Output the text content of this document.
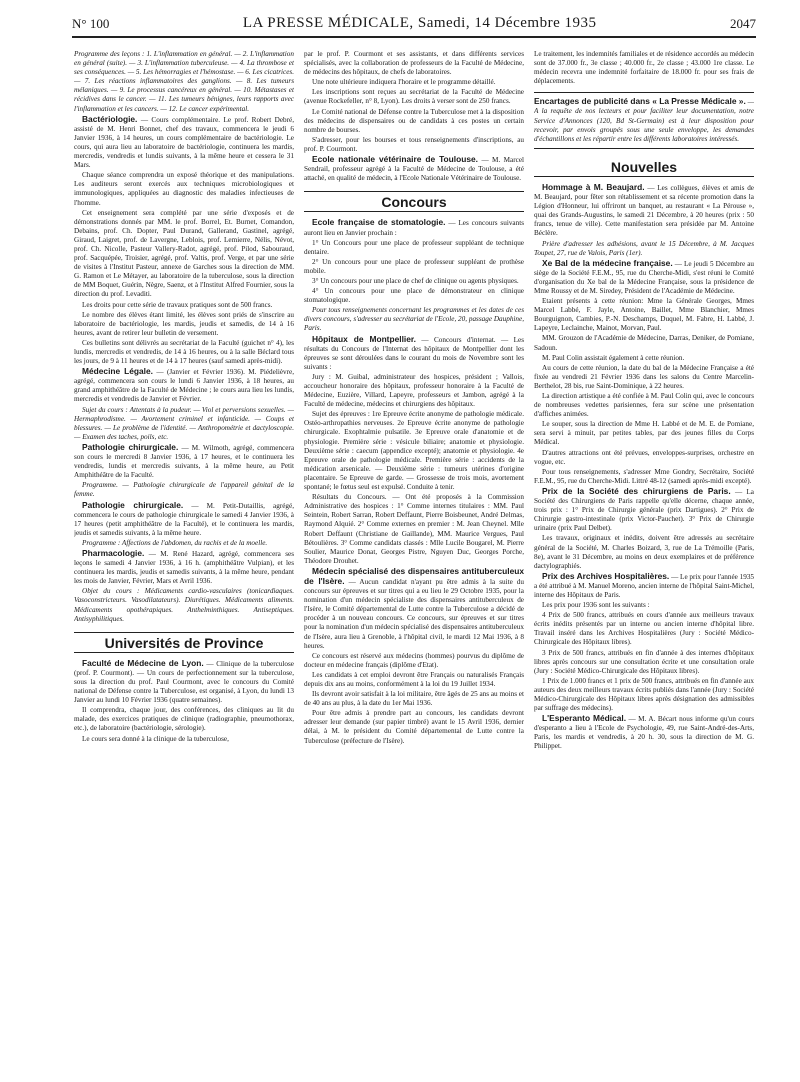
N° 100	LA PRESSE MÉDICALE, Samedi, 14 Décembre 1935	2047

Programme des leçons : 1. L'inflammation en général. — 2. L'inflammation en général (suite). — 3. L'inflammation tuberculeuse. — 4. La thrombose et ses conséquences. — 5. Les hémorragies et l'hémostase. — 6. Les cicatrices. — 7. Les réactions inflammatoires des ganglions. — 8. Les tumeurs mélaniques. — 9. Le processus cancéreux en général. — 10. Métastases et récidives dans le cancer. — 11. Les tumeurs bénignes, leurs rapports avec l'inflammation et les cancers. — 12. Le cancer expérimental.

Bactériologie. — Cours complémentaire. Le prof. Robert Debré, assisté de M. Henri Bonnet, chef des travaux, commencera le jeudi 6 Janvier 1936, à 14 heures, un cours complémentaire de bactériologie. Le cours, qui aura lieu au laboratoire de bactériologie, continuera les mardis, mercredis, vendredis et lundis suivants, à la même heure et cessera le 31 Mars.

Chaque séance comprendra un exposé théorique et des manipulations. Les auditeurs seront exercés aux techniques microbiologiques et immunologiques, appliquées au diagnostic des maladies infectieuses de l'homme.

Cet enseignement sera complété par une série d'exposés et de démonstrations donnés par MM. le prof. Borrel, Et. Burnet, Comandon, Debains, prof. Ch. Dopter, Paul Durand, Gallerand, Gastinel, agrégé, Giraud, Laigret, prof. de Lavergne, Leblois, prof. Lemierre, Nélis, Névot, prof. Ch. Nicolle, Pasteur Vallery-Radot, agrégé, prof. Pilod, Sabouraud, prof. Sacquépée, Troisier, agrégé, prof. Valtis, prof. Verge, et par une série de visites à l'Institut Pasteur, annexe de Garches sous la direction de MM. G. Ramon et Le Métayer, au laboratoire de la tuberculose, sous la direction de MM Boquet, Guérin, Nègre, Saenz, et à l'Institut Alfred Fournier, sous la direction du prof. Levaditi.

Les droits pour cette série de travaux pratiques sont de 500 francs.

Le nombre des élèves étant limité, les élèves sont priés de s'inscrire au laboratoire de bactériologie, les mardis, jeudis et samedis, de 14 à 16 heures, avant de retirer leur bulletin de versement.

Ces bulletins sont délivrés au secrétariat de la Faculté (guichet n° 4), les lundis, mercredis et vendredis, de 14 à 16 heures, ou à la salle Béclard tous les jours, de 9 à 11 heures et de 14 à 17 heures (sauf samedi après-midi).

Médecine Légale. — (Janvier et Février 1936). M. Piédelièvre, agrégé, commencera son cours le lundi 6 Janvier 1936, à 18 heures, au grand amphithéâtre de la Faculté de Médecine ; le cours aura lieu les lundis, mercredis et vendredis de Janvier et Février.

Sujet du cours : Attentats à la pudeur. — Viol et perversions sexuelles. — Hermaphrodisme. — Avortement criminel et infanticide. — Coups et blessures. — Le problème de l'identité. — Anthropométrie et dactyloscopie. — Examen des taches, poils, etc.

Pathologie chirurgicale. — M. Wilmoth, agrégé, commencera son cours le mercredi 8 Janvier 1936, à 17 heures, et le continuera les vendredis, lundis et mercredis suivants, à la même heure, au Petit Amphithéâtre de la Faculté.

Programme. — Pathologie chirurgicale de l'appareil génital de la femme.

Pathologie chirurgicale. — M. Petit-Dutaillis, agrégé, commencera le cours de pathologie chirurgicale le samedi 4 Janvier 1936, à 17 heures (petit amphithéâtre de la Faculté), et le continuera les mardis, jeudis et samedis suivants, à la même heure.

Programme : Affections de l'abdomen, du rachis et de la moelle.

Pharmacologie. — M. René Hazard, agrégé, commencera ses leçons le samedi 4 Janvier 1936, à 16 h. (amphithéâtre Vulpian), et les continuera les mardis, jeudis et samedis suivants, à la même heure, pendant les mois de Janvier, Février, Mars et Avril 1936.

Objet du cours : Médicaments cardio-vasculaires (tonicardiaques. Vasoconstricteurs. Vasodilatateurs). Diurétiques. Médicaments aliments. Médicaments opothérapiques. Anthelminthiques. Antiseptiques. Antisyphilitiques.

Universités de Province

Faculté de Médecine de Lyon. — Clinique de la tuberculose (prof. P. Courmont). — Un cours de perfectionnement sur la tuberculose, sous la direction du prof. Paul Courmont, avec le concours du Comité national de Défense contre la Tuberculose, est organisé, à Lyon, du lundi 13 Janvier au lundi 10 Février 1936 (quatre semaines).

Il comprendra, chaque jour, des conférences, des cliniques au lit du malade, des exercices pratiques de clinique (radiographie, pneumothorax, etc.), de laboratoire (bactériologie, sérologie).

Le cours sera donné à la clinique de la tuberculose,

par le prof. P. Courmont et ses assistants, et dans différents services spécialisés, avec la collaboration de professeurs de la Faculté de Médecine, de médecins des hôpitaux, de chefs de laboratoires.

Une note ultérieure indiquera l'horaire et le programme détaillé.

Les inscriptions sont reçues au secrétariat de la Faculté de Médecine (avenue Rockefeller, n° 8, Lyon). Les droits à verser sont de 250 francs.

Le Comité national de Défense contre la Tuberculose met à la disposition des médecins de dispensaires ou de candidats à ces postes un certain nombre de bourses.

S'adresser, pour les bourses et tous renseignements d'inscriptions, au prof. P. Courmont.

Ecole nationale vétérinaire de Toulouse. — M. Marcel Sendrail, professeur agrégé à la Faculté de Médecine de Toulouse, a été attaché, en qualité de médecin, à l'Ecole Nationale Vétérinaire de Toulouse.

Concours

Ecole française de stomatologie. — Les concours suivants auront lieu en Janvier prochain :

1° Un Concours pour une place de professeur suppléant de technique dentaire.

2° Un concours pour une place de professeur suppléant de prothèse mobile.

3° Un concours pour une place de chef de clinique ou agents physiques.

4° Un concours pour une place de démonstrateur en clinique stomatologique.

Pour tous renseignements concernant les programmes et les dates de ces divers concours, s'adresser au secrétariat de l'Ecole, 20, passage Dauphine, Paris.

Hôpitaux de Montpellier. — Concours d'internat. — Les résultats du Concours de l'Internat des hôpitaux de Montpellier dont les épreuves se sont déroulées dans le courant du mois de Novembre sont les suivants :

Jury : M. Guibal, administrateur des hospices, président ; Vallois, accoucheur honoraire des hôpitaux, professeur honoraire à la Faculté de Médecine, Euzière, Villard, Lapeyre, professeurs et Jambon, agrégé à la Faculté de médecine, médecins et chirurgiens des hôpitaux.

Sujet des épreuves : 1re Epreuve écrite anonyme de pathologie médicale. Ostéo-arthropathies nerveuses. 2e Epreuve écrite anonyme de pathologie chirurgicale. Exophtalmie pulsatile. 3e Epreuve orale d'anatomie et de physiologie. Première série : vésicule biliaire; anatomie et physiologie. Deuxième série : caecum (appendice excepté); anatomie et physiologie. 4e Epreuve orale de pathologie médicale. Première série : accidents de la médication arsenicale. — Deuxième série : tumeurs utérines d'origine placentaire. 5e Epreuve de garde. — Grossesse de trois mois, avortement spontané; le fœtus seul est expulsé. Conduite à tenir.

Résultats du Concours. — Ont été proposés à la Commission Administrative des hospices : 1° Comme internes titulaires : MM. Paul Seintein, Robert Sarran, Robert Deffaunt, Pierre Boisbeunet, André Delmas, Raymond Alquié. 2° Comme externes en premier : M. Jean Cheynel. Mlle Robert Deffaunt (Christiane de Gaillande), MM. Maurice Vergues, Paul Bétoulières. 3° Comme candidats classés : Mlle Lucile Bougarel, M. Pierre Soulier, Maurice Donat, Georges Pistre, Nguyen Duc, Georges Porche, Théodore Drouhet.

Médecin spécialisé des dispensaires antituberculeux de l'Isère. — Aucun candidat n'ayant pu être admis à la suite du concours sur épreuves et sur titres qui a eu lieu le 29 Octobre 1935, pour la nomination d'un médecin spécialiste des dispensaires antituberculeux de l'Isère, le Comité départemental de Lutte contre la Tuberculose a décidé de procéder à un nouveau concours. Ce concours, sur épreuves et sur titres pour la nomination d'un médecin spécialisé des dispensaires antituberculeux de l'Isère, aura lieu à Grenoble, à l'hôpital civil, le mardi 12 Mai 1936, à 8 heures.

Ce concours est réservé aux médecins (hommes) pourvus du diplôme de docteur en médecine français (diplôme d'Etat).

Les candidats à cet emploi devront être Français ou naturalisés Français depuis dix ans au moins, conformément à la loi du 19 Juillet 1934.

Ils devront avoir satisfait à la loi militaire, être âgés de 25 ans au moins et de 40 ans au plus, à la date du 1er Mai 1936.

Pour être admis à prendre part au concours, les candidats devront adresser leur demande (sur papier timbré) avant le 15 Avril 1936, dernier délai, à M. le président du Comité départemental de Lutte contre la Tuberculose (préfecture de l'Isère).

Le traitement, les indemnités familiales et de résidence accordés au médecin sont de 37.000 fr., 3e classe ; 40.000 fr., 2e classe ; 43.000 1re classe. Le médecin recevra une indemnité forfaitaire de 18.000 fr. pour ses frais de déplacements.

Encartages de publicité dans « La Presse Médicale ». — A la requête de nos lecteurs et pour faciliter leur documentation, notre Service d'Annonces (120, Bd St-Germain) est à leur disposition pour recevoir, par envois groupés sous une seule enveloppe, les demandes d'échantillons et les répartir entre les différents laboratoires intéressés.
Nouvelles

Hommage à M. Beaujard. — Les collègues, élèves et amis de M. Beaujard, pour fêter son rétablissement et sa récente promotion dans la Légion d'Honneur, lui offriront un banquet, au restaurant « La Pérouse », quai des Grands-Augustins, le samedi 21 Décembre, à 20 heures (prix : 50 francs, tenue de ville). Cette manifestation sera présidée par M. Antoine Béclère.

Prière d'adresser les adhésions, avant le 15 Décembre, à M. Jacques Toupet, 27, rue de Valois, Paris (1er).

Xe Bal de la médecine française. — Le jeudi 5 Décembre au siège de la Société F.E.M., 95, rue du Cherche-Midi, s'est réuni le Comité d'organisation du Xe bal de la Médecine Française, sous la présidence de Mme Roussy et de M. Siredey, Président de l'Académie de Médecine.

Etaient présents à cette réunion: Mme la Générale Georges, Mmes Marcel Labbé, F. Jayle, Antoine, Baillet, Mme Blanchier, Mmes Bourguignon, Cambies, P.-N. Deschamps, Duquel, M. Fabre, H. Labbé, J. Lapeyre, Leclainche, Mainot, Morvan, Paul.

MM. Grouzon de l'Académie de Médecine, Darras, Deniker, de Pomiane, Sadoun.

M. Paul Colin assistait également à cette réunion.

Au cours de cette réunion, la date du bal de la Médecine Française a été fixée au vendredi 21 Février 1936 dans les salons du Centre Marcelin-Berthelot, 28 bis, rue Saint-Dominique, à 22 heures.

La direction artistique a été confiée à M. Paul Colin qui, avec le concours de nombreuses vedettes parisiennes, fera sur scène une présentation d'affiches animées.

Le souper, sous la direction de Mme H. Labbé et de M. E. de Pomiane, sera servi à minuit, par petites tables, par des jeunes filles du Corps Médical.

D'autres attractions ont été prévues, enveloppes-surprises, orchestre en vogue, etc.

Pour tous renseignements, s'adresser Mme Gondry, Secrétaire, Société F.E.M., 95, rue du Cherche-Midi. Littré 48-12 (samedi après-midi excepté).

Prix de la Société des chirurgiens de Paris. — La Société des Chirurgiens de Paris rappelle qu'elle décerne, chaque année, trois prix : 1° Prix de Chirurgie générale (prix Dartigues). 2° Prix de Chirurgie gastro-intestinale (prix Victor-Pauchet). 3° Prix de Chirurgie urinaire (prix Paul Delbet).

Les travaux, originaux et inédits, doivent être adressés au secrétaire général de la Société, M. Charles Boizard, 3, rue de La Trémoille (Paris, 8e), avant le 31 Décembre, au moins en deux exemplaires et de préférence dactylographiés.

Prix des Archives Hospitalières. — Le prix pour l'année 1935 a été attribué à M. Manuel Moreno, ancien interne de l'hôpital Saint-Michel, interne des Hôpitaux de Paris.

Les prix pour 1936 sont les suivants :

4 Prix de 500 francs, attribués en cours d'année aux meilleurs travaux écrits inédits présentés par un interne ou ancien interne d'hôpital libre. Travail inséré dans les Archives Hospitalières (Jury : Société Médico-Chirurgicale des Hôpitaux libres).

3 Prix de 500 francs, attribués en fin d'année à des internes d'hôpitaux libres après concours sur une consultation écrite et une consultation orale (Jury : Société Médico-Chirurgicale des Hôpitaux libres).

1 Prix de 1.000 francs et 1 prix de 500 francs, attribués en fin d'année aux auteurs des deux meilleurs travaux écrits publiés dans l'année (Jury : Société Médico-Chirurgicale des Hôpitaux libres après désignation des admissibles par suffrage des médecins).

L'Esperanto Médical. — M. A. Bécart nous informe qu'un cours d'esperanto a lieu à l'Ecole de Psychologie, 49, rue Saint-André-des-Arts, Paris, les mardis et vendredis, à 20 h. 30, sous la direction de M. G. Philippet.
